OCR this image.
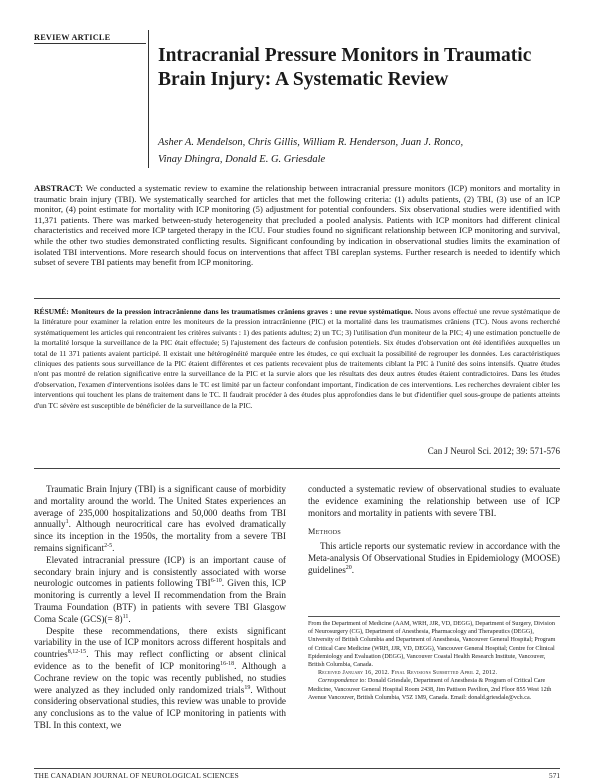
REVIEW ARTICLE
Intracranial Pressure Monitors in Traumatic Brain Injury: A Systematic Review
Asher A. Mendelson, Chris Gillis, William R. Henderson, Juan J. Ronco,
Vinay Dhingra, Donald E. G. Griesdale
ABSTRACT: We conducted a systematic review to examine the relationship between intracranial pressure monitors (ICP) monitors and mortality in traumatic brain injury (TBI). We systematically searched for articles that met the following criteria: (1) adults patients, (2) TBI, (3) use of an ICP monitor, (4) point estimate for mortality with ICP monitoring (5) adjustment for potential confounders. Six observational studies were identified with 11,371 patients. There was marked between-study heterogeneity that precluded a pooled analysis. Patients with ICP monitors had different clinical characteristics and received more ICP targeted therapy in the ICU. Four studies found no significant relationship between ICP monitoring and survival, while the other two studies demonstrated conflicting results. Significant confounding by indication in observational studies limits the examination of isolated TBI interventions. More research should focus on interventions that affect TBI careplan systems. Further research is needed to identify which subset of severe TBI patients may benefit from ICP monitoring.
RÉSUMÉ: Moniteurs de la pression intracrânienne dans les traumatismes crâniens graves : une revue systématique. Nous avons effectué une revue systématique de la littérature pour examiner la relation entre les moniteurs de la pression intracrânienne (PIC) et la mortalité dans les traumatismes crâniens (TC). Nous avons recherché systématiquement les articles qui rencontraient les critères suivants : 1) des patients adultes; 2) un TC; 3) l'utilisation d'un moniteur de la PIC; 4) une estimation ponctuelle de la mortalité lorsque la surveillance de la PIC était effectuée; 5) l'ajustement des facteurs de confusion potentiels. Six études d'observation ont été identifiées auxquelles un total de 11 371 patients avaient participé. Il existait une hétérogénéité marquée entre les études, ce qui excluait la possibilité de regrouper les données. Les caractéristiques cliniques des patients sous surveillance de la PIC étaient différentes et ces patients recevaient plus de traitements ciblant la PIC à l'unité des soins intensifs. Quatre études n'ont pas montré de relation significative entre la surveillance de la PIC et la survie alors que les résultats des deux autres études étaient contradictoires. Dans les études d'observation, l'examen d'interventions isolées dans le TC est limité par un facteur confondant important, l'indication de ces interventions. Les recherches devraient cibler les interventions qui touchent les plans de traitement dans le TC. Il faudrait procéder à des études plus approfondies dans le but d'identifier quel sous-groupe de patients atteints d'un TC sévère est susceptible de bénéficier de la surveillance de la PIC.
Can J Neurol Sci. 2012; 39: 571-576

Traumatic Brain Injury (TBI) is a significant cause of morbidity and mortality around the world. The United States experiences an average of 235,000 hospitalizations and 50,000 deaths from TBI annually$^1$. Although neurocritical care has evolved dramatically since its inception in the 1950s, the mortality from a severe TBI remains significant$^{2-5}$.

Elevated intracranial pressure (ICP) is an important cause of secondary brain injury and is consistently associated with worse neurologic outcomes in patients following TBI$^{6-10}$. Given this, ICP monitoring is currently a level II recommendation from the Brain Trauma Foundation (BTF) in patients with severe TBI Glasgow Coma Scale (GCS)(= 8)$^{11}$.

Despite these recommendations, there exists significant variability in the use of ICP monitors across different hospitals and countries$^{8,12-15}$. This may reflect conflicting or absent clinical evidence as to the benefit of ICP monitoring$^{16-18}$. Although a Cochrane review on the topic was recently published, no studies were analyzed as they included only randomized trials$^{19}$. Without considering observational studies, this review was unable to provide any conclusions as to the value of ICP monitoring in patients with TBI. In this context, we

conducted a systematic review of observational studies to evaluate the evidence examining the relationship between use of ICP monitors and mortality in patients with severe TBI.

Methods

This article reports our systematic review in accordance with the Meta-analysis Of Observational Studies in Epidemiology (MOOSE) guidelines$^{20}$.

From the Department of Medicine (AAM, WRH, JJR, VD, DEGG), Department of Surgery, Division of Neurosurgery (CG), Department of Anesthesia, Pharmacology and Therapeutics (DEGG), University of British Columbia and Department of Anesthesia, Vancouver General Hospital; Program of Critical Care Medicine (WRH, JJR, VD, DEGG), Vancouver General Hospital; Centre for Clinical Epidemiology and Evaluation (DEGG), Vancouver Coastal Health Research Institute, Vancouver, British Columbia, Canada.

Received January 16, 2012. Final Revisions Submitted April 2, 2012.

Correspondence to: Donald Griesdale, Department of Anesthesia & Program of Critical Care Medicine, Vancouver General Hospital Room 2438, Jim Pattison Pavilion, 2nd Floor 855 West 12th Avenue Vancouver, British Columbia, V5Z 1M9, Canada. Email: donald.griesdale@vch.ca.

THE CANADIAN JOURNAL OF NEUROLOGICAL SCIENCES	571
